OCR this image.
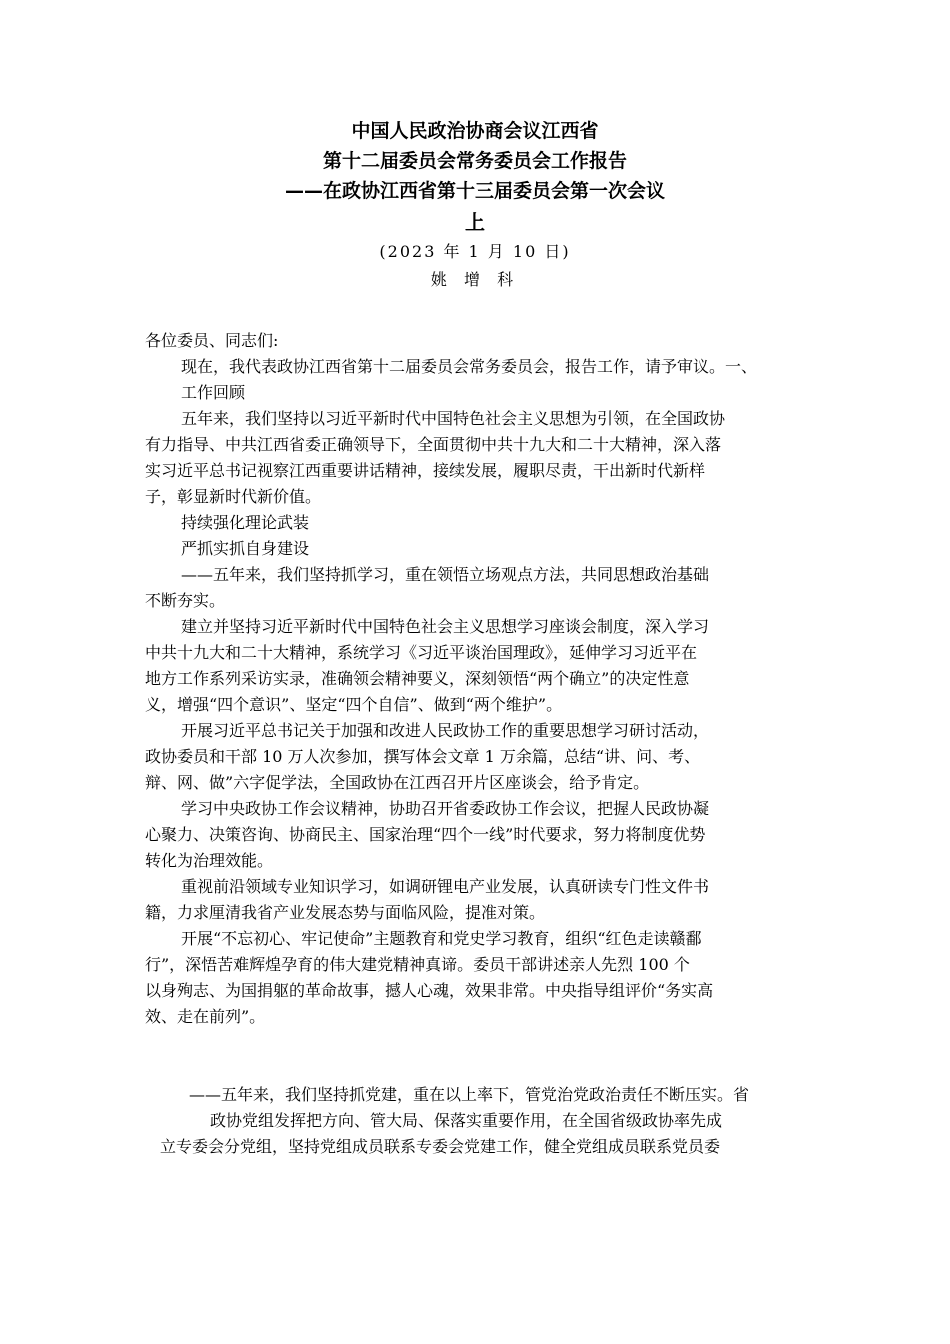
中国人民政治协商会议江西省
第十二届委员会常务委员会工作报告
——在政协江西省第十三届委员会第一次会议
上
(2023 年 1 月 10 日)
姚 增 科

各位委员、同志们:

现在，我代表政协江西省第十二届委员会常务委员会，报告工作，请予审议。一、

工作回顾

五年来，我们坚持以习近平新时代中国特色社会主义思想为引领，在全国政协

有力指导、中共江西省委正确领导下，全面贯彻中共十九大和二十大精神，深入落
实习近平总书记视察江西重要讲话精神，接续发展，履职尽责，干出新时代新样
子，彰显新时代新价值。

持续强化理论武装

严抓实抓自身建设

——五年来，我们坚持抓学习，重在领悟立场观点方法，共同思想政治基础

不断夯实。

建立并坚持习近平新时代中国特色社会主义思想学习座谈会制度，深入学习

中共十九大和二十大精神，系统学习《习近平谈治国理政》，延伸学习习近平在
地方工作系列采访实录，准确领会精神要义，深刻领悟“两个确立”的决定性意
义，增强“四个意识”、坚定“四个自信”、做到“两个维护”。

开展习近平总书记关于加强和改进人民政协工作的重要思想学习研讨活动，

政协委员和干部 10 万人次参加，撰写体会文章 1 万余篇，总结“讲、问、考、
辩、网、做”六字促学法，全国政协在江西召开片区座谈会，给予肯定。

学习中央政协工作会议精神，协助召开省委政协工作会议，把握人民政协凝

心聚力、决策咨询、协商民主、国家治理“四个一线”时代要求，努力将制度优势
转化为治理效能。

重视前沿领域专业知识学习，如调研锂电产业发展，认真研读专门性文件书

籍，力求厘清我省产业发展态势与面临风险，提准对策。

开展“不忘初心、牢记使命”主题教育和党史学习教育，组织“红色走读赣鄱

行”，深悟苦难辉煌孕育的伟大建党精神真谛。委员干部讲述亲人先烈 100 个
以身殉志、为国捐躯的革命故事，撼人心魂，效果非常。中央指导组评价“务实高
效、走在前列”。

——五年来，我们坚持抓党建，重在以上率下，管党治党政治责任不断压实。省
政协党组发挥把方向、管大局、保落实重要作用，在全国省级政协率先成
立专委会分党组，坚持党组成员联系专委会党建工作，健全党组成员联系党员委
